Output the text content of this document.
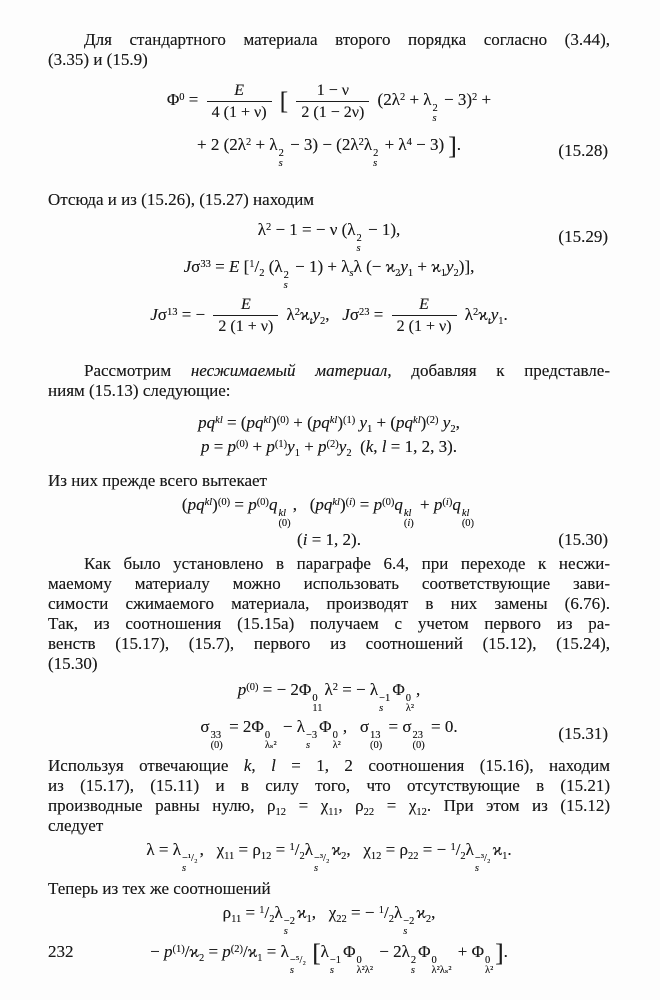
Для стандартного материала второго порядка согласно (3.44),
(3.35) и (15.9)
$\Phi^0 = \frac{E}{4 (1 + \nu)}$ [ $\frac{1 - \nu}{2 (1 - 2\nu)} (2\lambda^2 + \lambda$ 2
s
− 3)$^2$ +
+ 2 ($2\lambda^2 + \lambda$ 2
s
− $3) - (2\lambda^2\lambda$ 2
s
+ $\lambda^4 - 3$) ].	(15.28)
Отсюда и из (15.26), (15.27) находим
$\lambda^2 - 1$ = − ν (λ 2
s
− 1),	(15.29)
$J\sigma^{33} = E$ [$^1/_2$ (λ 2
s
− $1) + \lambda_s\lambda$ (− $ϰ_2y_1 + ϰ_1y_2$)],
$J\sigma^{13}$ = − $\frac{E}{2 (1 + \nu)} \lambda^2ϰ_ty_2$,   $J\sigma^{23} = \frac{E}{2 (1 + \nu)} \lambda^2ϰ_ty_1$.
Рассмотрим несжимаемый материал, добавляя к представле-
ниям (15.13) следующие:
$pq^{kl} = (pq^{kl})^{(0)} + (pq^{kl})^{(1)}$ $y_1 + (pq^{kl})^{(2)}$ $y_2$,
$p = p^{(0)} + p^{(1)}y_1 + p^{(2)}y_2$  (k, l = 1, 2, 3).
Из них прежде всего вытекает
$(pq^{kl})^{(0)} = p^{(0)}q$ kl
(0)
,   $(pq^{kl})^{(i)} = p^{(0)}q$ kl
(i)
+ $p^{(i)}q$ kl
(0)
(i = 1, 2).	(15.30)
Как было установлено в параграфе 6.4, при переходе к несжи-
маемому материалу можно использовать соответствующие зави-
симости сжимаемого материала, производят в них замены (6.76).
Так, из соотношения (15.15а) получаем с учетом первого из ра-
венств (15.17), (15.7), первого из соотношений (15.12), (15.24),
(15.30)
$p^{(0)}$ = − 2Φ 0
11
$\lambda^2$ = − λ −1
s
Φ 0
λ²
,
σ 33
(0)
= 2Φ 0
λₛ²
− λ −3
s
Φ 0
λ²
,   σ 13
(0)
= σ 23
(0)
= 0.	(15.31)
Используя отвечающие k, l = 1, 2 соотношения (15.16), находим
из (15.17), (15.11) и в силу того, что отсутствующие в (15.21)
производные равны нулю, $\rho_{12} = \chi_{11}$, $\rho_{22} = \chi_{12}$. При этом из (15.12)
следует
λ = λ −¹/₂
s
,   $\chi_{11} = \rho_{12} = ^1/_2\lambda -^3/_2$
s
$ϰ_2$,   $\chi_{12} = \rho_{22}$ = − $^1/_2\lambda -^3/_2$
s
$ϰ_1$.
Теперь из тех же соотношений
$\rho_{11} = ^1/_2\lambda -2$
s
$ϰ_1$,   $\chi_{22}$ = − $^1/_2\lambda -2$
s
$ϰ_2$,
− $p^{(1)}/ϰ_2 = p^{(2)}/ϰ_1 = \lambda -^5/_2$
s
[λ −1
s
Φ 0
λ²λ²
− 2λ 2
s
Φ 0
λ²λₛ²
+ Φ 0
λ²
].
232
